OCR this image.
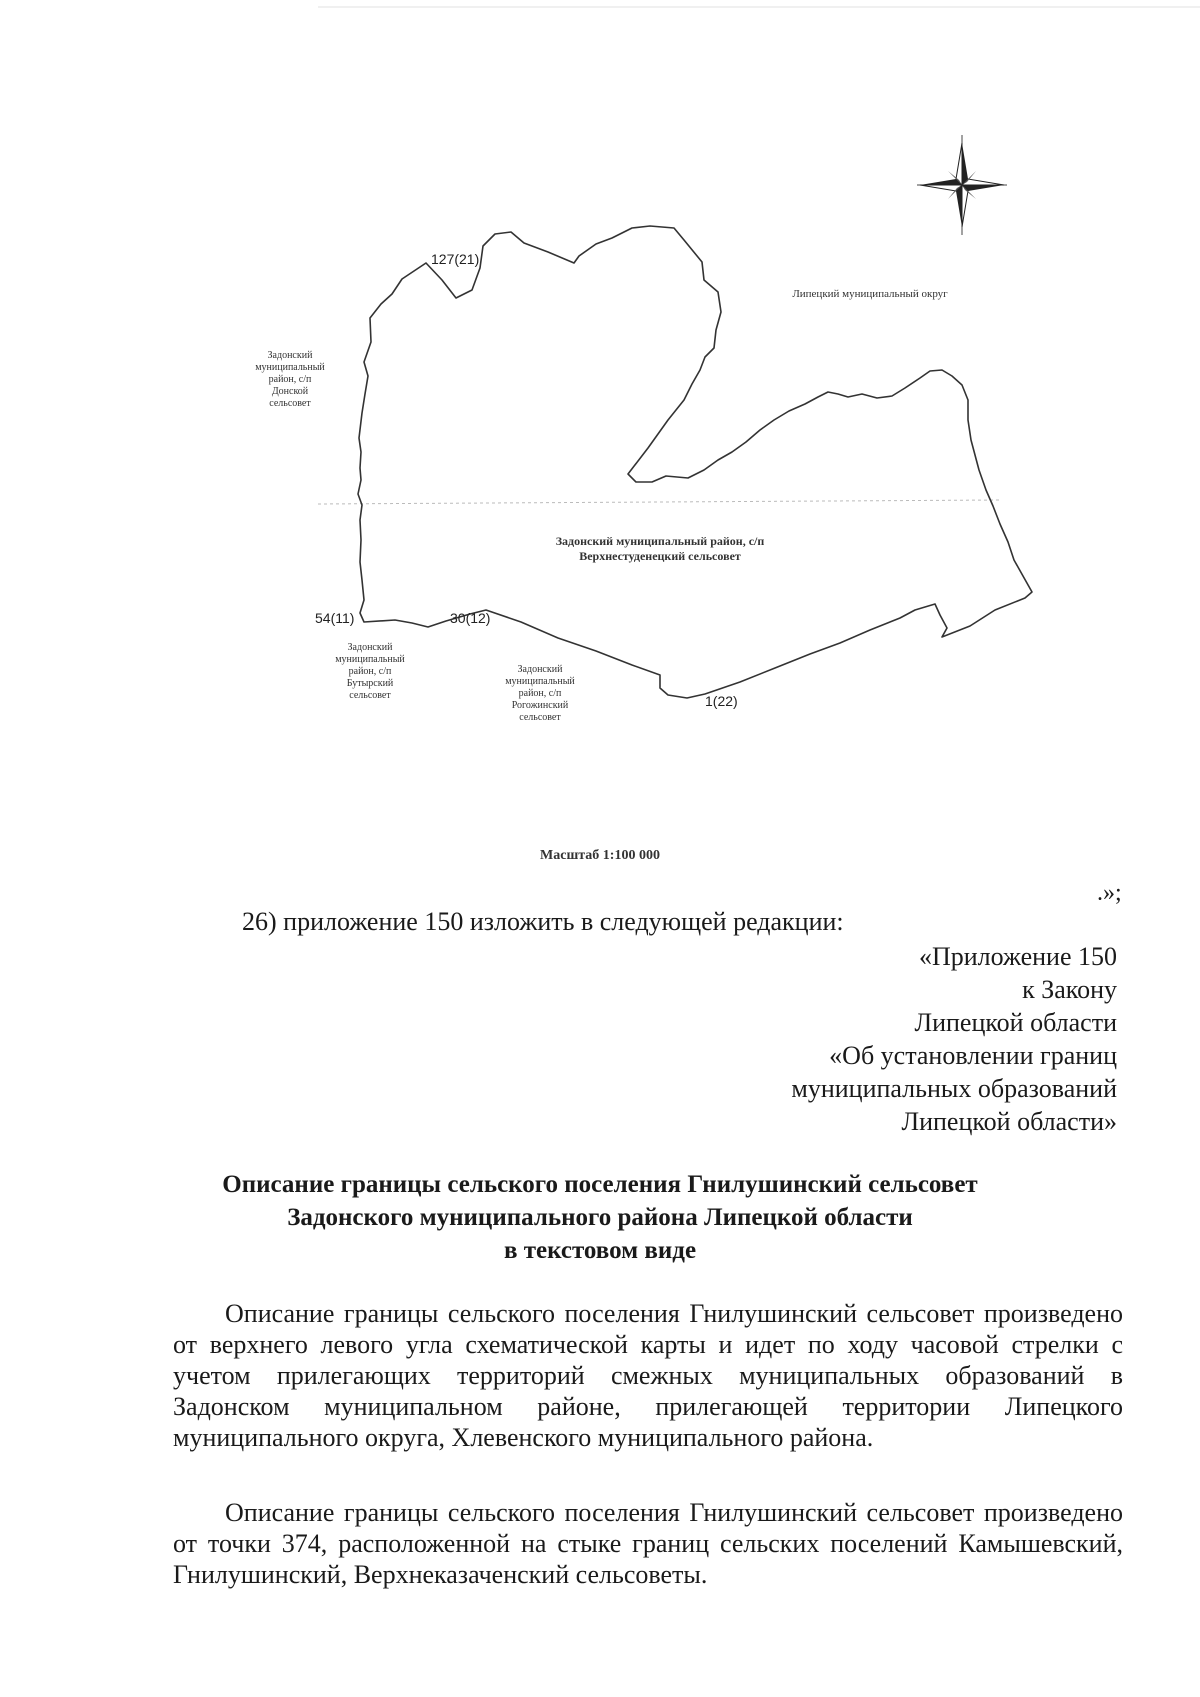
127(21)
54(11)	30(12)
1(22)
Задонский
муниципальный
район, с/п
Донской
сельсовет
Липецкий муниципальный округ
Задонский муниципальный район, с/п
Верхнестуденецкий сельсовет
Задонский
муниципальный
район, с/п
Бутырский
сельсовет
Задонский
муниципальный
район, с/п
Рогожинский
сельсовет
Масштаб 1:100 000
.»;
26) приложение 150 изложить в следующей редакции:
«Приложение 150
к Закону
Липецкой области
«Об установлении границ
муниципальных образований
Липецкой области»
Описание границы сельского поселения Гнилушинский сельсовет
Задонского муниципального района Липецкой области
в текстовом виде

Описание границы сельского поселения Гнилушинский сельсовет произведено от верхнего левого угла схематической карты и идет по ходу часовой стрелки с учетом прилегающих территорий смежных муниципальных образований в Задонском муниципальном районе, прилегающей территории Липецкого муниципального округа, Хлевенского муниципального района.

Описание границы сельского поселения Гнилушинский сельсовет произведено от точки 374, расположенной на стыке границ сельских поселений Камышевский, Гнилушинский, Верхнеказаченский сельсоветы.
